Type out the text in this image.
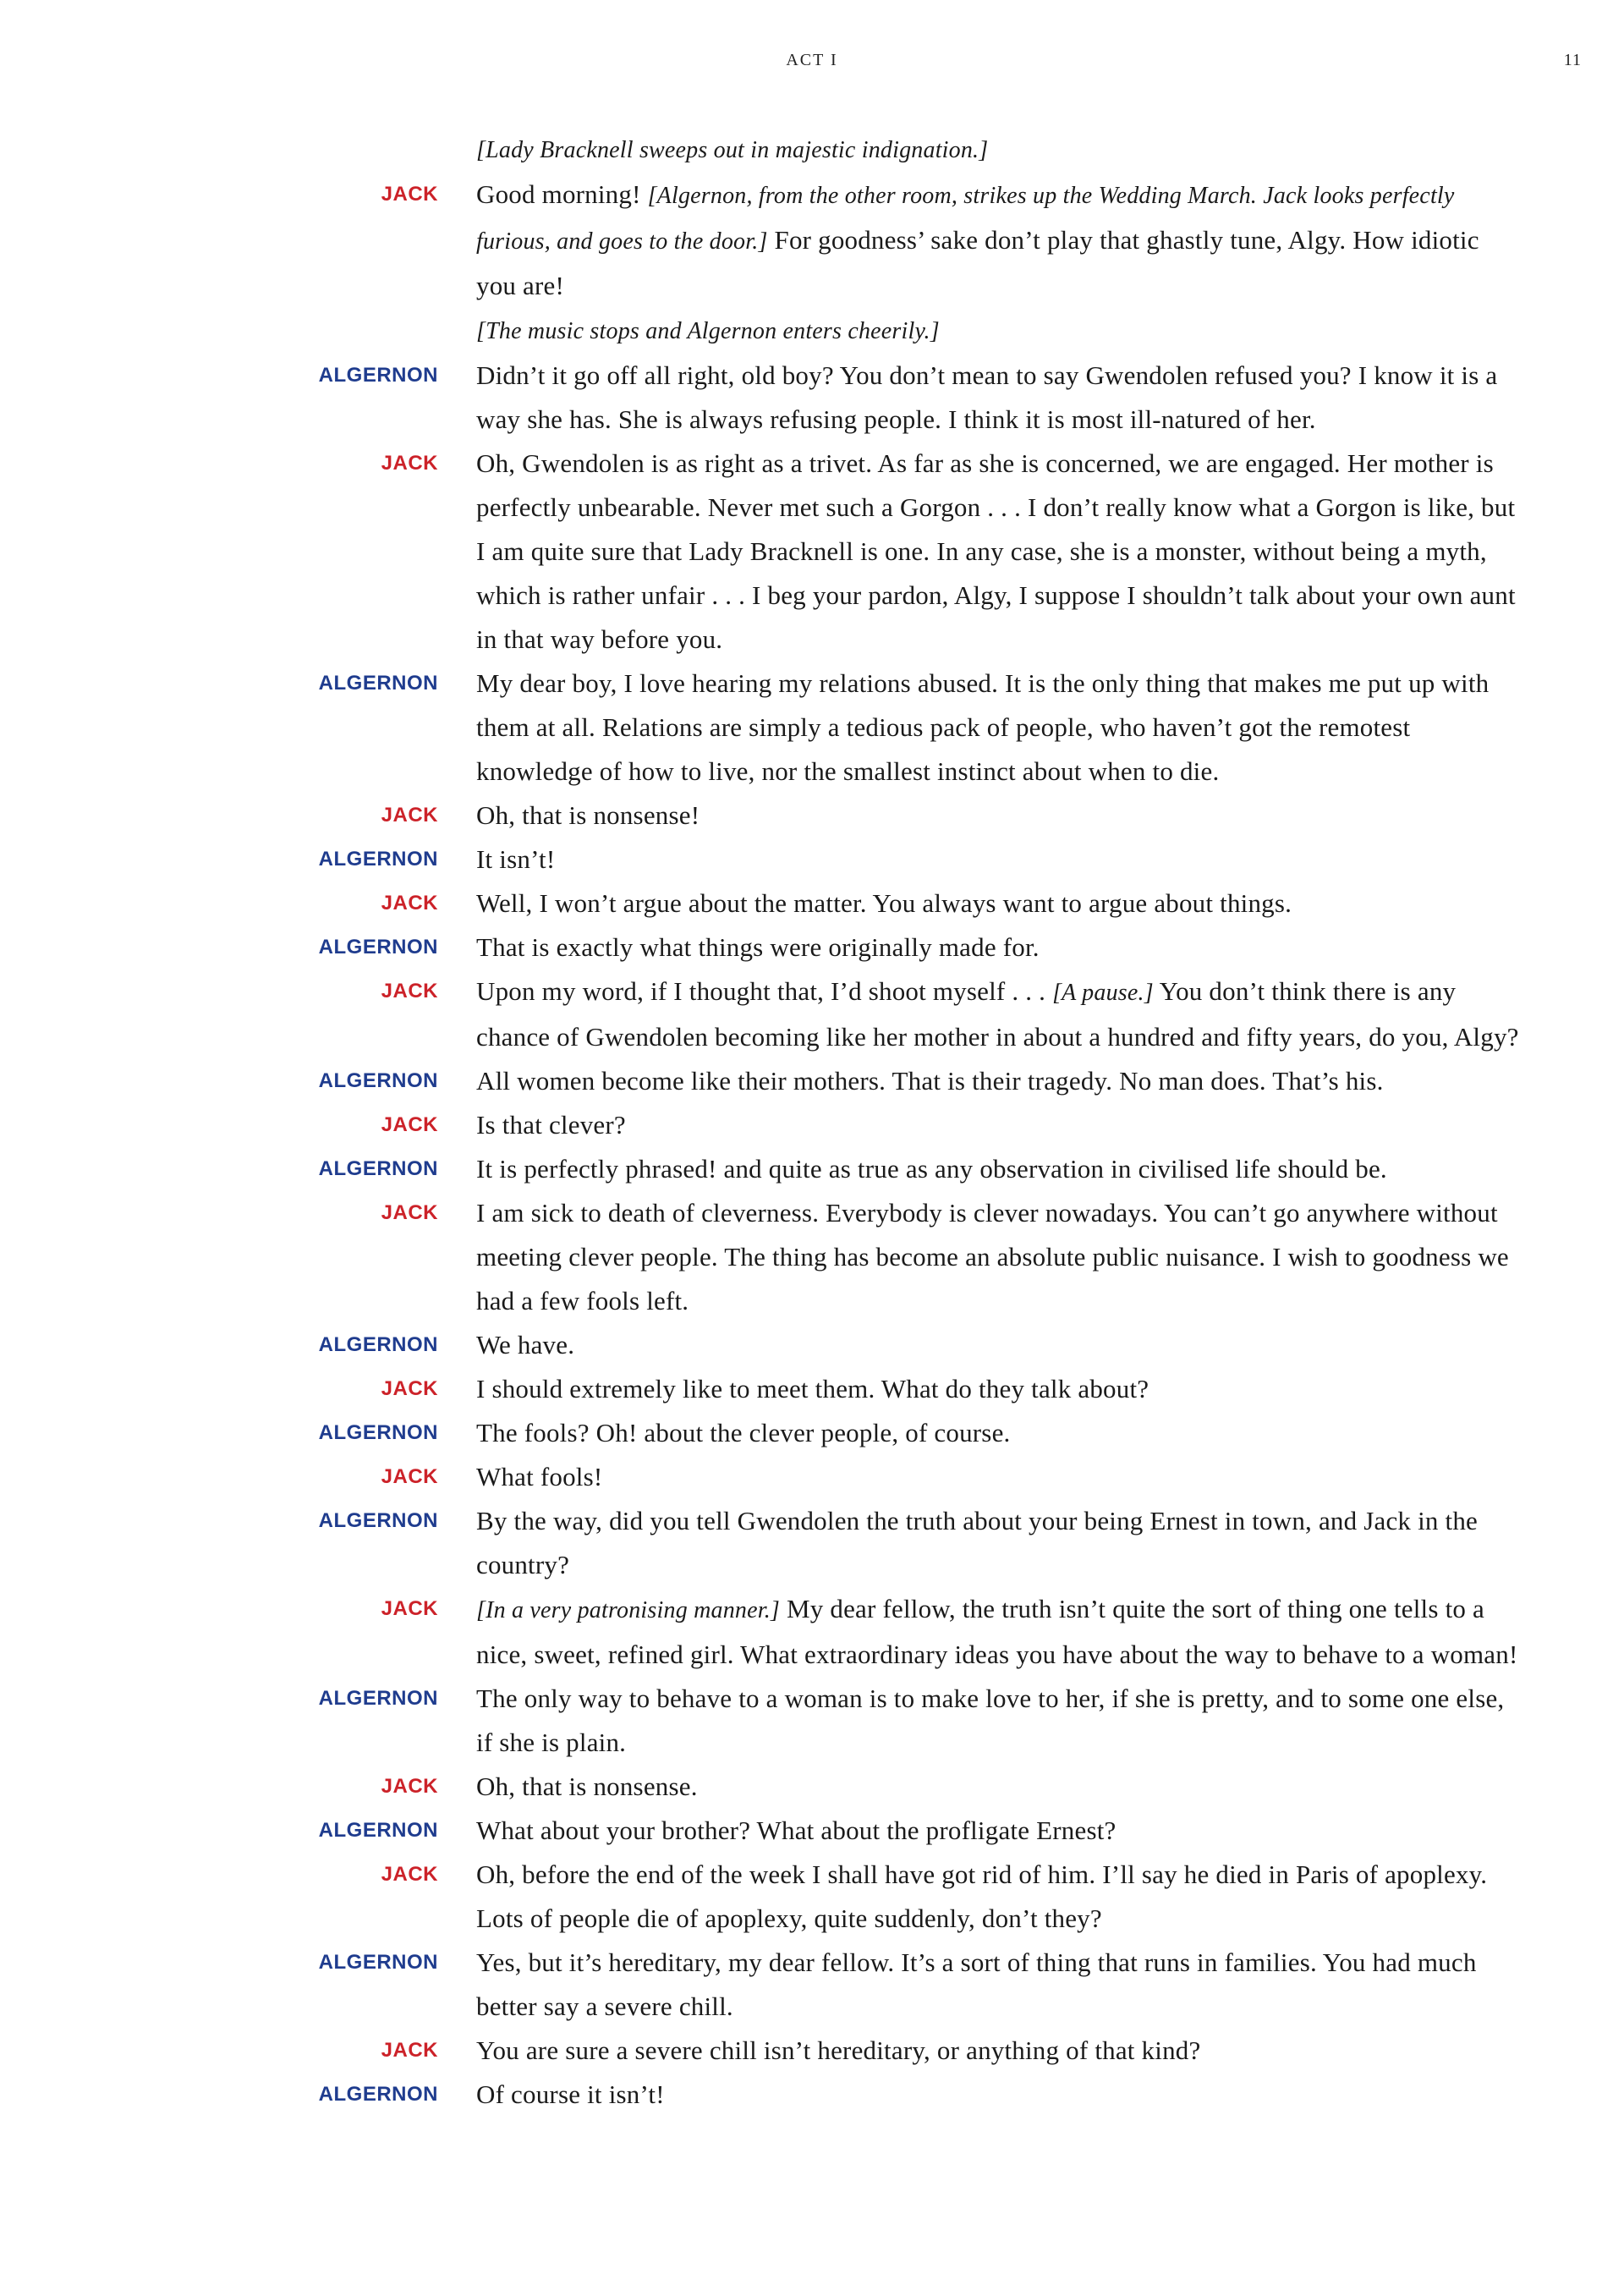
ACT I	11
[Lady Bracknell sweeps out in majestic indignation.]
JACK Good morning! [Algernon, from the other room, strikes up the Wedding March. Jack looks perfectly furious, and goes to the door.] For goodness’ sake don’t play that ghastly tune, Algy. How idiotic you are!
[The music stops and Algernon enters cheerily.]
ALGERNON Didn’t it go off all right, old boy? You don’t mean to say Gwendolen refused you? I know it is a way she has. She is always refusing people. I think it is most ill-natured of her.
JACK Oh, Gwendolen is as right as a trivet. As far as she is concerned, we are engaged. Her mother is perfectly unbearable. Never met such a Gorgon . . . I don’t really know what a Gorgon is like, but I am quite sure that Lady Bracknell is one. In any case, she is a monster, without being a myth, which is rather unfair . . . I beg your pardon, Algy, I suppose I shouldn’t talk about your own aunt in that way before you.
ALGERNON My dear boy, I love hearing my relations abused. It is the only thing that makes me put up with them at all. Relations are simply a tedious pack of people, who haven’t got the remotest knowledge of how to live, nor the smallest instinct about when to die.
JACK Oh, that is nonsense!
ALGERNON It isn’t!
JACK Well, I won’t argue about the matter. You always want to argue about things.
ALGERNON That is exactly what things were originally made for.
JACK Upon my word, if I thought that, I’d shoot myself . . . [A pause.] You don’t think there is any chance of Gwendolen becoming like her mother in about a hundred and fifty years, do you, Algy?
ALGERNON All women become like their mothers. That is their tragedy. No man does. That’s his.
JACK Is that clever?
ALGERNON It is perfectly phrased! and quite as true as any observation in civilised life should be.
JACK I am sick to death of cleverness. Everybody is clever nowadays. You can’t go anywhere without meeting clever people. The thing has become an absolute public nuisance. I wish to goodness we had a few fools left.
ALGERNON We have.
JACK I should extremely like to meet them. What do they talk about?
ALGERNON The fools? Oh! about the clever people, of course.
JACK What fools!
ALGERNON By the way, did you tell Gwendolen the truth about your being Ernest in town, and Jack in the country?
JACK [In a very patronising manner.] My dear fellow, the truth isn’t quite the sort of thing one tells to a nice, sweet, refined girl. What extraordinary ideas you have about the way to behave to a woman!
ALGERNON The only way to behave to a woman is to make love to her, if she is pretty, and to some one else, if she is plain.
JACK Oh, that is nonsense.
ALGERNON What about your brother? What about the profligate Ernest?
JACK Oh, before the end of the week I shall have got rid of him. I’ll say he died in Paris of apoplexy. Lots of people die of apoplexy, quite suddenly, don’t they?
ALGERNON Yes, but it’s hereditary, my dear fellow. It’s a sort of thing that runs in families. You had much better say a severe chill.
JACK You are sure a severe chill isn’t hereditary, or anything of that kind?
ALGERNON Of course it isn’t!
